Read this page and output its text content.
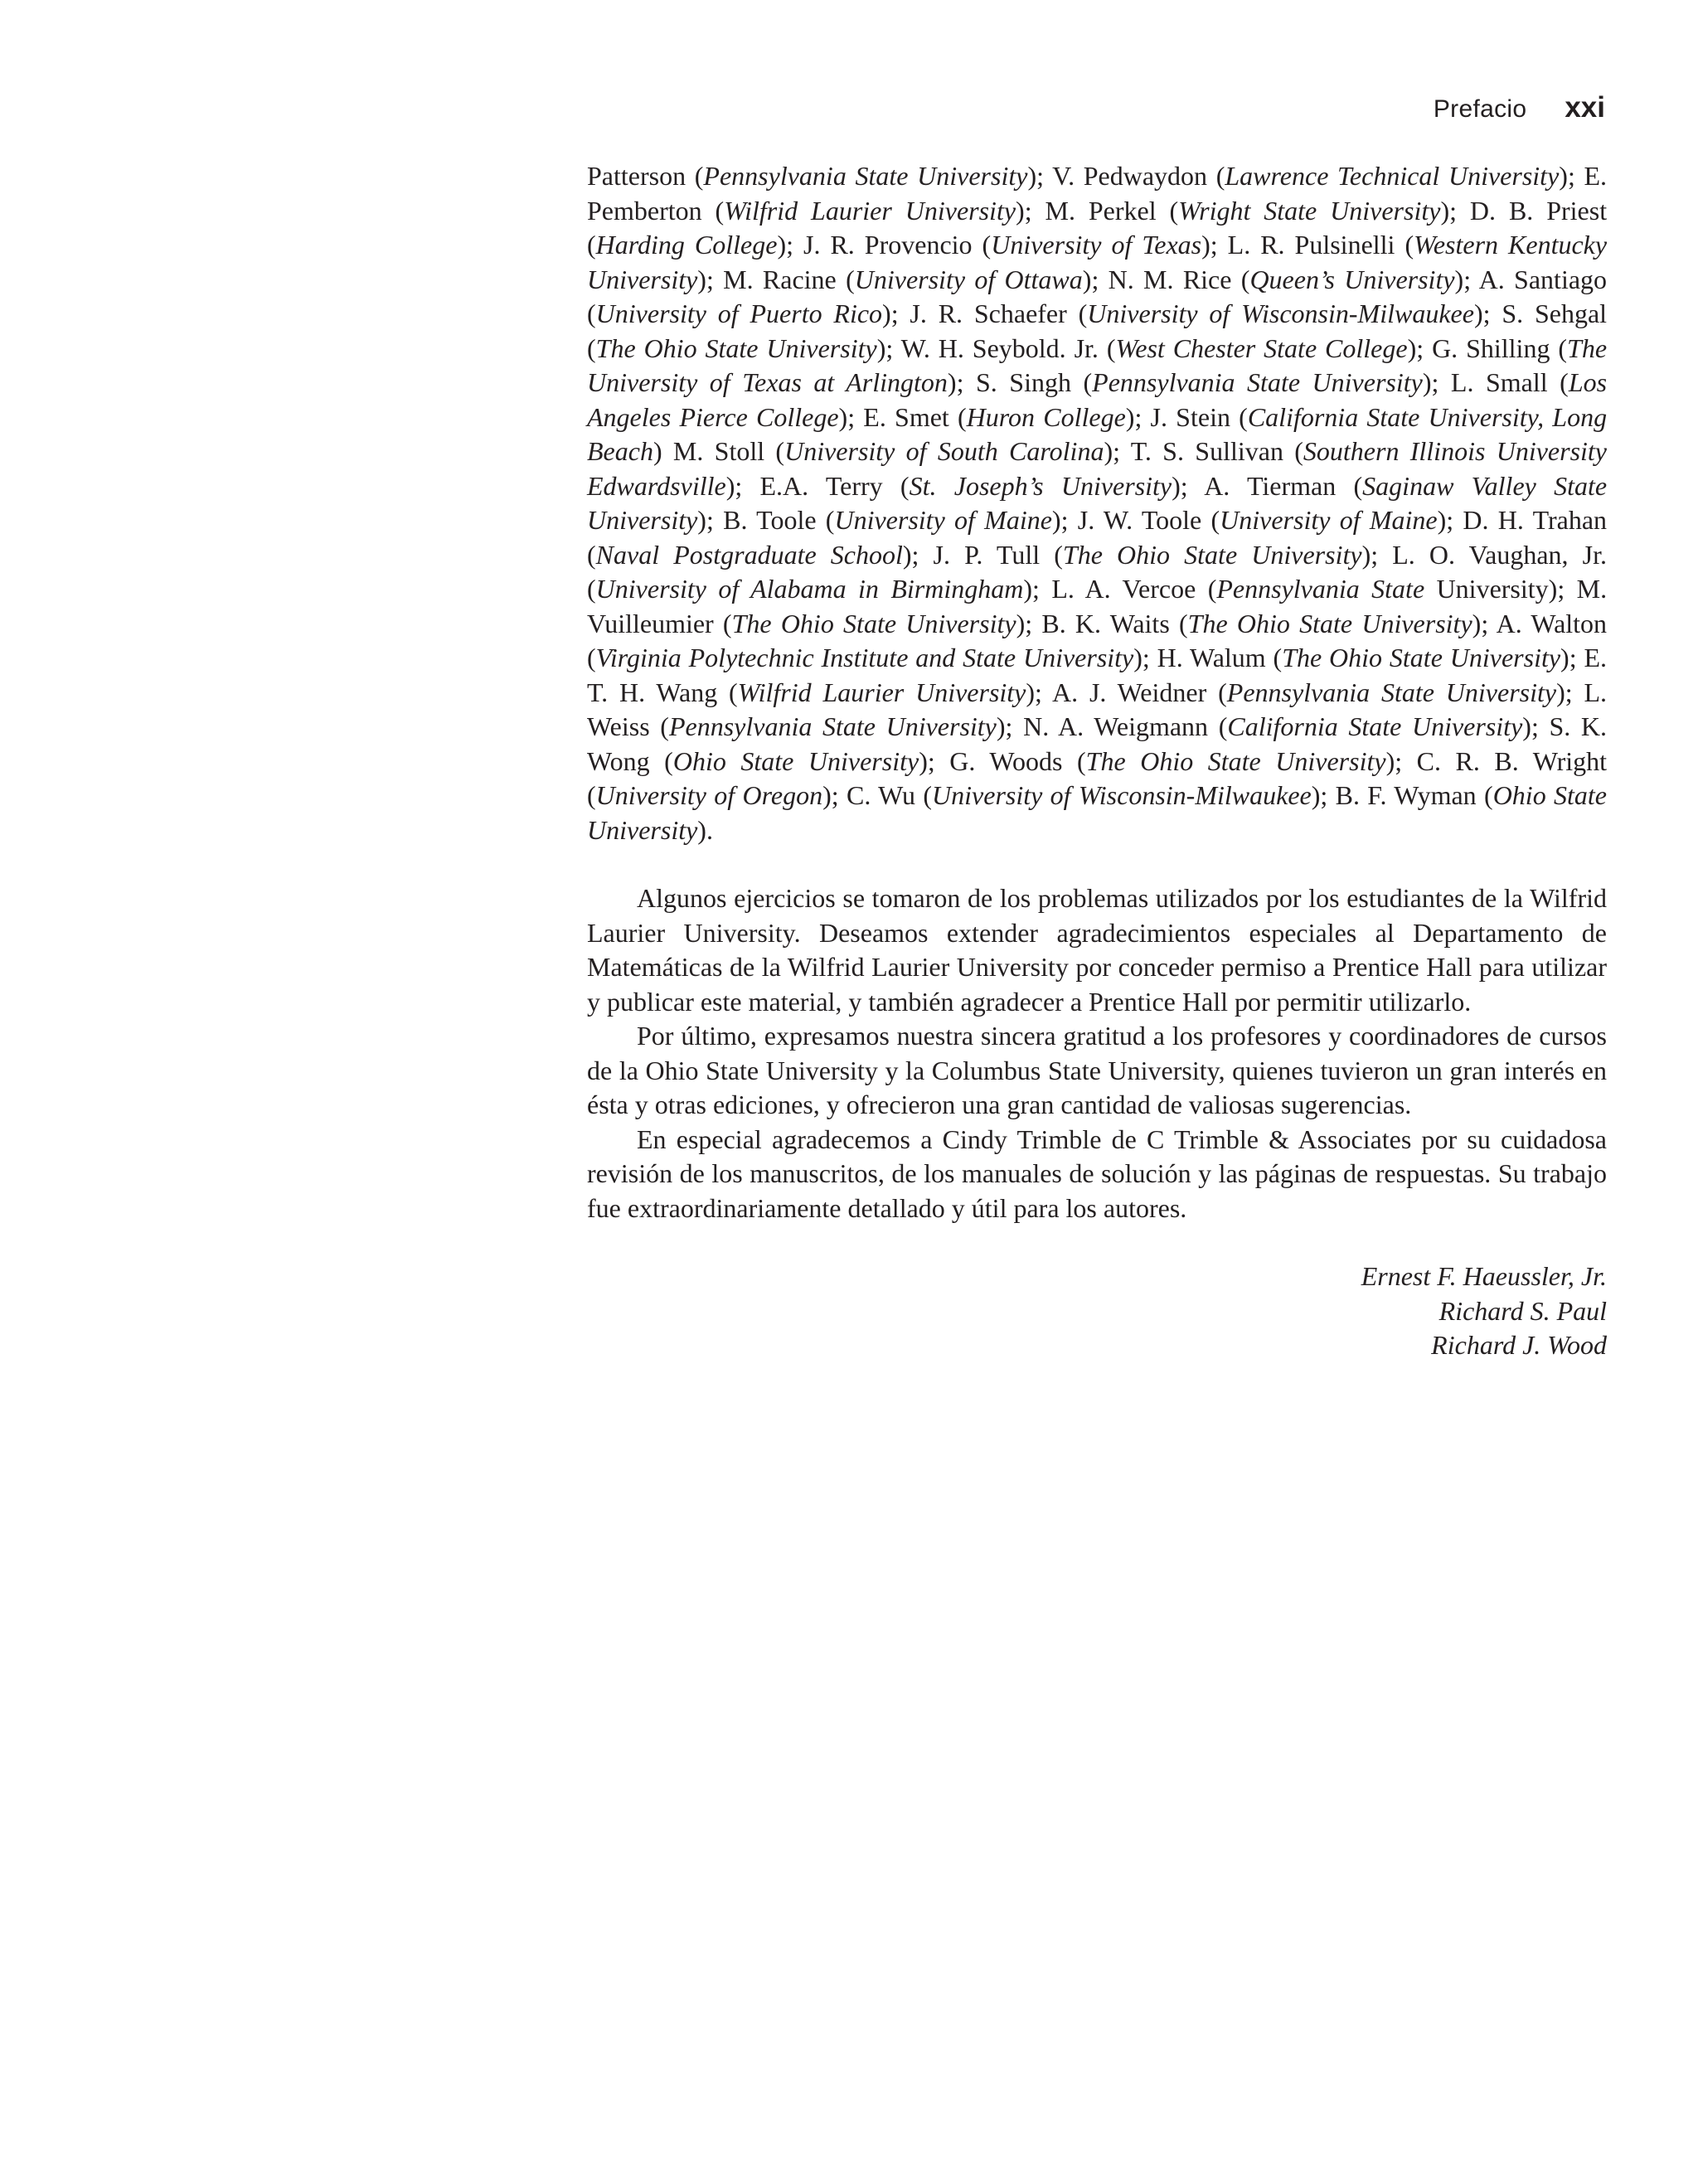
Prefacio xxi

Patterson (Pennsylvania State University); V. Pedwaydon (Lawrence Technical University); E. Pemberton (Wilfrid Laurier University); M. Perkel (Wright State University); D. B. Priest (Harding College); J. R. Provencio (University of Texas); L. R. Pulsinelli (Western Kentucky University); M. Racine (University of Ottawa); N. M. Rice (Queen’s University); A. Santiago (University of Puerto Rico); J. R. Schaefer (University of Wisconsin-Milwaukee); S. Sehgal (The Ohio State University); W. H. Seybold. Jr. (West Chester State College); G. Shilling (The University of Texas at Arlington); S. Singh (Pennsylvania State University); L. Small (Los Angeles Pierce College); E. Smet (Huron College); J. Stein (California State University, Long Beach) M. Stoll (University of South Carolina); T. S. Sullivan (Southern Illinois University Edwardsville); E.A. Terry (St. Joseph’s University); A. Tierman (Saginaw Valley State University); B. Toole (University of Maine); J. W. Toole (University of Maine); D. H. Trahan (Naval Postgraduate School); J. P. Tull (The Ohio State University); L. O. Vaughan, Jr. (University of Alabama in Birmingham); L. A. Vercoe (Pennsylvania State University); M. Vuilleumier (The Ohio State University); B. K. Waits (The Ohio State University); A. Walton (Virginia Polytechnic Institute and State University); H. Walum (The Ohio State University); E. T. H. Wang (Wilfrid Laurier University); A. J. Weidner (Pennsylvania State University); L. Weiss (Pennsylvania State University); N. A. Weigmann (California State University); S. K. Wong (Ohio State University); G. Woods (The Ohio State University); C. R. B. Wright (University of Oregon); C. Wu (University of Wisconsin-Milwaukee); B. F. Wyman (Ohio State University).

Algunos ejercicios se tomaron de los problemas utilizados por los estudiantes de la Wilfrid Laurier University. Deseamos extender agradecimientos especiales al Departamento de Matemáticas de la Wilfrid Laurier University por conceder permiso a Prentice Hall para utilizar y publicar este material, y también agradecer a Prentice Hall por permitir utilizarlo.

Por último, expresamos nuestra sincera gratitud a los profesores y coordinadores de cursos de la Ohio State University y la Columbus State University, quienes tuvieron un gran interés en ésta y otras ediciones, y ofrecieron una gran cantidad de valiosas sugerencias.

En especial agradecemos a Cindy Trimble de C Trimble & Associates por su cuidadosa revisión de los manuscritos, de los manuales de solución y las páginas de respuestas. Su trabajo fue extraordinariamente detallado y útil para los autores.

Ernest F. Haeussler, Jr.
Richard S. Paul
Richard J. Wood
